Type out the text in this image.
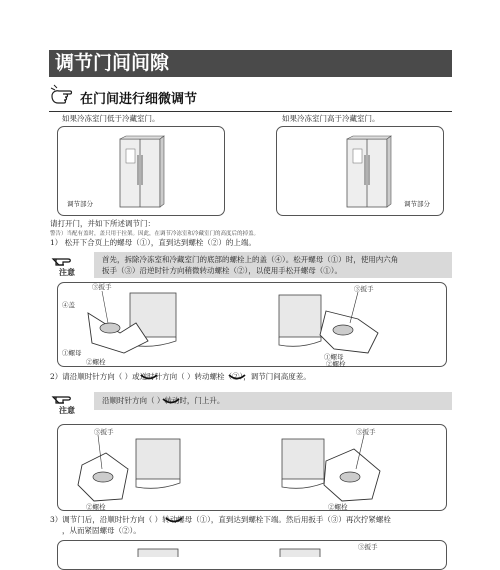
调节门间间隙
在门间进行细微调节
如果冷冻室门低于冷藏室门。	如果冷冻室门高于冷藏室门。
调节部分	调节部分
请打开门，并如下所述调节门：
警告）当配有盖时，盖只用于拉架。因此，在调节冷冻室和冷藏室门的高度后的掉盖。
1） 松开下合页上的螺母（①），直到达到螺栓（②）的上端。
注意
首先，拆除冷冻室和冷藏室门的底部的螺栓上的盖（④）。松开螺母（①）时，使用内六角
扳手（③）沿逆时针方向稍微转动螺栓（②），以使用手松开螺母（①）。
③扳手
④盖
①螺母
②螺栓
③扳手
①螺母
②螺栓
2）请沿顺时针方向（ ）或逆时针方向（ ）转动螺栓（②），调节门间高度差。
注意
沿顺时针方向（ ）转动时，门上升。
③扳手
②螺栓
③扳手
②螺栓
3）调节门后，沿顺时针方向（ ）转动螺母（①），直到达到螺栓下端。然后用扳手（③）再次拧紧螺栓
，从而紧固螺母（②）。
③扳手
